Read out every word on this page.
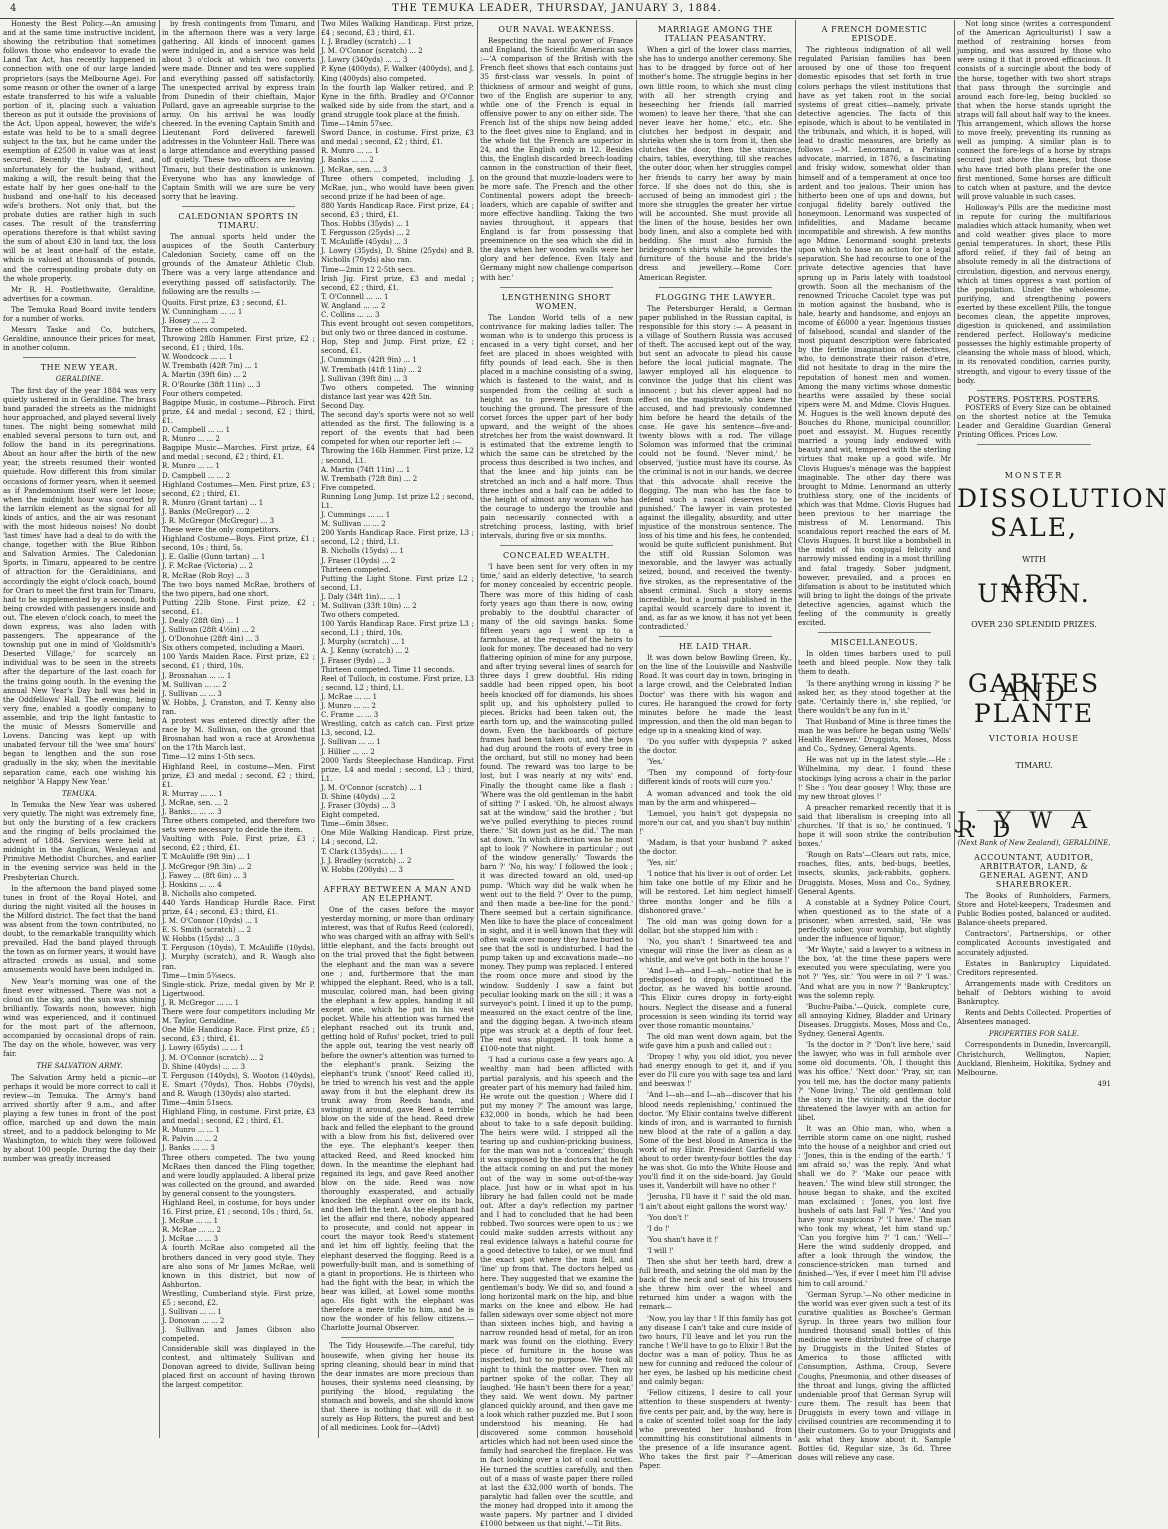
4	THE TEMUKA LEADER, THURSDAY, JANUARY 3, 1884.

Honesty the Best Policy.—An amusing and at the same time instructive incident, showing the retribution that sometimes follows those who endeavor to evade the Land Tax Act, has recently happened in connection with one of our large landed proprietors (says the Melbourne Age). For some reason or other the owner of a large estate transferred to his wife a valuable portion of it, placing such a valuation thereon as put it outside the provisions of the Act. Upon appeal, however, the wife's estate was held to be to a small degree subject to the tax, but he came under the exemption of £2500 in value was at least secured. Recently the lady died, and, unfortunately for the husband, without making a will, the result being that the estate half by her goes one-half to the husband and one-half to his deceased wife's brothers. Not only that, but the probate duties are rather high in such cases. The result of the transferring operations therefore is that whilst saving the sum of about £30 in land tax, the loss will be at least one-half of the estate, which is valued at thousands of pounds, and the corresponding probate duty on the whole property.

Mr R. H. Postlethwaite, Geraldine, advertises for a cowman.

The Temuka Road Board invite tenders for a number of works.

Messrs Taske and Co, butchers, Geraldine, announce their prices for meat, in another column.

THE NEW YEAR.
GERALDINE.

The first day of the year 1884 was very quietly ushered in in Geraldine. The brass band paraded the streets as the midnight hour approached, and played several lively tunes. The night being somewhat mild enabled several persons to turn out, and follow the band in its peregrinations. About an hour after the birth of the new year, the streets resumed their wonted quietude. How different this from similar occasions of former years, when it seemed as if Pandemonium itself were let loose; when the midnight hour was courted by the larrikin element as the signal for all kinds of antics, and the air was resonant with the most hideous noises! No doubt 'last times' have had a deal to do with the change, together with the Blue Ribbon and Salvation Armies. The Caledonian Sports, in Timaru, appeared to be centre of attraction for the Geraldinians, and accordingly the eight o'clock coach, bound for Orari to meet the first train for Timaru, had to be supplemented by a second, both being crowded with passengers inside and out. The eleven o'clock coach, to meet the down express, was also laden with passengers. The appearance of the township put one in mind of 'Goldsmith's Deserted Village,' for scarcely an individual was to be seen in the streets after the departure of the last coach for the trains going south. In the evening the annual New Year's Day ball was held in the Oddfellows' Hall. The evening, being very fine, enabled a goodly company to assemble, and trip the light fantastic to the music of Messrs Somerville and Lovens. Dancing was kept up with unabated fervour till the 'wee sma' hours' began to lengthen and the sun rose gradually in the sky, when the inevitable separation came, each one wishing his neighbor 'A Happy New Year.'

TEMUKA.

In Temuka the New Year was ushered very quietly. The night was extremely fine, but only the bursting of a few crackers and the ringing of bells proclaimed the advent of 1884. Services were held at midnight in the Anglican, Wesleyan and Primitive Methodist Churches, and earlier in the evening service was held in the Presbyterian Church.

In the afternoon the band played some tunes in front of the Royal Hotel, and during the night visited all the houses in the Milford district. The fact that the band was absent from the town contributed, no doubt, to the remarkable tranquility which prevailed. Had the band played through the town as on former years, it would have attracted crowds as usual, and some amusements would have been indulged in.

New Year's morning was one of the finest ever witnessed. There was not a cloud on the sky, and the sun was shining brilliantly. Towards noon, however, high wind was experienced, and it continued for the most part of the afternoon, accompanied by occasional drops of rain. The day on the whole, however, was very fair.

THE SALVATION ARMY.

The Salvation Army held a picnic—or perhaps it would be more correct to call it review—in Temuka. The Army's band arrived shortly after 9 a.m., and after playing a few tunes in front of the post office, marched up and down the main street, and to a paddock belonging to Mr Washington, to which they were followed by about 100 people. During the day their number was greatly increased

by fresh contingents from Timaru, and in the afternoon there was a very large gathering. All kinds of innocent games were indulged in, and a service was held about 3 o'clock at which two converts were made. Dinner and tea were supplied and everything passed off satisfactorily. The unexpected arrival by express train from Dunedin of their chieftain, Major Pollard, gave an agreeable surprise to the army. On his arrival he was loudly cheered. In the evening Captain Smith and Lieutenant Ford delivered farewell addresses in the Volunteer Hall. There was a large attendance and everything passed off quietly. These two officers are leaving Timaru, but their destination is unknown. Everyone who has any knowledge of Captain Smith will we are sure be very sorry that he leaving.

CALEDONIAN SPORTS IN TIMARU.

The annual sports held under the auspices of the South Canterbury Caledonian Society, came off on the grounds of the Amateur Athletic Club. There was a very large attendance and everything passed off satisfactorily. The following are the results :—

Quoits. First prize, £3 ; second, £1.
W. Cunningham ... ... 1
J. Hosey ... ... 2
Three others competed.
Throwing 28lb Hammer. First prize, £2 ; second, £1 ; third, 10s.
W. Woodcock ... ... 1
W. Trembath (42ft 7in) ... 1
A. Martin (39ft 6in) ... 2
R. O'Rourke (38ft 11in) ... 3
Four others competed.
Bagpipe Music, in costume—Pibroch. First prize, £4 and medal ; second, £2 ; third, £1.
D. Campbell ... ... 1
R. Munro ... ... 2
Bagpipe Music—Marches. First prize, £4 and medal ; second, £2 ; third, £1.
R. Munro ... ... 1
D. Campbell ... ... 2
Highland Costumes—Men. First prize, £3 ; second, £2 ; third, £1.
R. Munro (Grant tartan) ... 1
J. Banks (McGregor) ... 2
J. R. McGregor (McGregor) ... 3
These were the only competitors.
Highland Costume—Boys. First prize, £1 ; second, 10s ; third, 5s.
J. E. Gallie (Gunn tartan) ... 1
J. F. McRae (Victoria) ... 2
R. McRae (Rob Roy) ... 3
The two boys named McRae, brothers of the two pipers, had one short.
Putting 22lb Stone. First prize, £2 ; second, £1.
J. Dealy (28ft 6in) ... 1
J. Sullivan (28ft 4½in) ... 2
J. O'Donohue (28ft 4in) ... 3
Six others competed, including a Maori.
100 Yards Maiden Race. First prize, £2 ; second, £1 ; third, 10s.
J. Brosnahan ... ... 1
M. Sullivan ... ... 2
J. Sullivan ... ... 3
W. Hobbs, J. Cranston, and T. Kenny also ran.
A protest was entered directly after the race by M. Sullivan, on the ground that Brosnahan had won a race at Arowhenua on the 17th March last.
Time—12 mins 1-5th secs.
Highland Reel, in costume—Men. First prize, £3 and medal ; second, £2 ; third, £1.
R. Murray ... ... 1
J. McRae, sen. ... 2
J. Banks... ... ... 3
Three others competed, and therefore two sets were necessary to decide the item.
Vaulting with Pole. First prize, £3 ; second, £2 ; third, £1.
T. McAuliffe (9ft 9in) ... 1
J. McGregor (9ft 3in) ... 2
J. Fawey ... (8ft 6in) ... 3
J. Hoskins ... ... 4
B. Nicholls also competed.
440 Yards Handicap Hurdle Race. First prize, £4 ; second, £3 ; third, £1.
J. M. O'Connor (10yds) ... 1
E. S. Smith (scratch) ... 2
W. Hobbs (15yds) ... 3
T. Ferguson (10yds), T. McAuliffe (10yds), J. Murphy (scratch), and R. Waugh also ran.
Time—1min 5¾secs.
Single-stick. Prize, medal given by Mr P. Ligertwood.
J. R. McGregor ... ... 1
There were four competitors including Mr M. Taylor, Geraldine.
One Mile Handicap Race. First prize, £5 ; second, £3 ; third, £1.
J. Lowry (65yds) ... ... 1
J. M. O'Connor (scratch) ... 2
D. Shine (40yds) ... ... 3
T. Ferguson (140yds), S. Wooton (140yds), E. Smart (70yds), Thos. Hobbs (70yds), and R. Waugh (130yds) also started.
Time—4min 51secs.
Highland Fling, in costume. First prize, £3 and medal ; second, £2 ; third, £1.
R. Munro ... ... 1
R. Palvin ... ... 2
J. Banks ... ... 3
Three others competed. The two young McRaes then danced the Fling together, and were loudly applauded. A liberal prize was collected on the ground, and awarded by general consent to the youngsters.
Highland Reel, in costume, for boys under 16. First prize, £1 ; second, 10s ; third, 5s.
J. McRae ... ... 1
R. McRae ... ... 2
J. McRae ... ... 3
A fourth McRae also competed all the brothers danced in very good style. They are also sons of Mr James McRae, well known in this district, but now of Ashburton.
Wrestling, Cumberland style. First prize, £5 ; second, £2.
J. Sullivan ... ... 1
J. Donovan ... ... 2
J. Sullivan and James Gibson also competed.
Considerable skill was displayed in the contest, and ultimately Sullivan and Donovan agreed to divide, Sullivan being placed first on account of having thrown the largest competitor.
Two Miles Walking Handicap. First prize, £4 ; second, £3 ; third, £1.
I. J. Bradley (scratch) ... 1
J. M. O'Connor (scratch) ... 2
J. Lowry (340yds) ... ... 3
P. Kyne (400yds), F. Walker (400yds), and J. King (400yds) also competed.
In the fourth lap Walker retired, and P. Kyne in the fifth. Bradley and O'Connor walked side by side from the start, and a grand struggle took place at the finish.
Time—14min 57sec.
Sword Dance, in costume. First prize, £3 and medal ; second, £2 ; third, £1.
R. Munro ... ... 1
J. Banks ... ... 2
J. McRae, sen. ... 3
Three others competed, including J. McRae, jun., who would have been given second prize if he had been of age.
880 Yards Handicap Race. First prize, £4 ; second, £3 ; third, £1.
Thos. Hobbs (35yds) ... 1
T. Fergusson (25yds) ... 2
T. McAuliffe (45yds) ... 3
J. Lowry (35yds), D. Shine (25yds) and B. Nicholls (70yds) also ran.
Time—2min 12 2-5th secs.
Irish Jig. First prize, £3 and medal ; second, £2 ; third, £1.
T. O'Connell ... ... 1
W. Angland ... ... 2
C. Collins ... ... 3
This event brought out seven competitors, but only two or three danced in costume.
Hop, Step and Jump. First prize, £2 ; second, £1.
J. Cummings (42ft 9in) ... 1
W. Trembath (41ft 11in) ... 2
J. Sullivan (39ft 8in) ... 3
Two others competed. The winning distance last year was 42ft 5in.
Second Day.
The second day's sports were not so well attended as the first. The following is a report of the events that had been competed for when our reporter left :—
Throwing the 16lb Hammer. First prize, L2 ; second, L1.
A. Martin (74ft 11in) ... 1
W. Trembath (72ft 8in) ... 2
Five competed.
Running Long Jump. 1st prize L2 ; second, L1.
J. Cummings ... ... 1
M. Sullivan ... ... 2
200 Yards Handicap Race. First prize, L3 ; second, L2 ; third, L1.
B. Nicholls (15yds) ... 1
J. Fraser (10yds) ... 2
Thirteen competed.
Putting the Light Stone. First prize L2 ; second, L1.
J. Daly (34ft 1in)... ... 1
M. Sullivan (33ft 10in) ... 2
Two others competed.
100 Yards Handicap Race. First prize L3 ; second, L1 ; third, 10s.
J. Murphy (scratch) ... 1
A. J. Kenny (scratch) ... 2
J. Fraser (9yds) ... 3
Thirteen competed. Time 11 seconds.
Reel of Tulloch, in costume. First prize, L3 ; second, L2 ; third, L1.
J. McRae ... ... 1
J. Munro ... ... 2
C. Frame ... ... 3
Wrestling, catch as catch can. First prize L3, second, L2.
J. Sullivan ... ... 1
J. Hillier ... ... 2
2000 Yards Steeplechase Handicap. First prize, L4 and medal ; second, L3 ; third, L1.
J. M. O'Connor (scratch) ... 1
D. Shine (40yds) ... 2
J. Fraser (30yds) ... 3
Eight competed.
Time—6min 38sec.
One Mile Walking Handicap. First prize, L4 ; second, L2.
T. Clark (135yds)... ... 1
J. J. Bradley (scratch) ... 2
W. Hobbs (200yds) ... 3
AFFRAY BETWEEN A MAN AND AN ELEPHANT.

One of the cases before the mayor yesterday morning, or more than ordinary interest, was that of Rufus Reed (colored), who was charged with an affray with Sell's little elephant, and the facts brought out on the trial proved that the fight between the elephant and the man was a severe one ; and, furthermore that the man whipped the elephant. Reed, who is a tall, muscular, colored man, had been giving the elephant a few apples, handing it all except one, which he put in his vest pocket. While his attention was turned the elephant reached out its trunk and, getting hold of Rufus' pocket, tried to pull the apple out, tearing the vest nearly off before the owner's attention was turned to the elephant's prank. Seizing the elephant's trunk ('snoot' Reed called it), he tried to wrench his vest and the apple away from it but the elephant drew its trunk away from Reeds hands, and swinging it around, gave Reed a terrible blow on the side of the head. Reed drew back and felled the elephant to the ground with a blow from his fist, delivered over the eye. The elephant's keeper then attacked Reed, and Reed knocked him down. In the meantime the elephant had regained its legs, and gave Reed another blow on the side. Reed was now thoroughly exasperated, and actually knocked the elephant over on its back, and then left the tent. As the elephant had let the affair end there, nobody appeared to prosecute, and could not appear in court the mayor took Reed's statement and let him off lightly, feeling that the elephant deserved the flogging. Reed is a powerfully-built man, and is something of a giant in proportions. He is thirteen who had the fight with the bear, in which the bear was killed, at Lowel some months ago. His fight with the elephant was therefore a mere trifle to him, and he is now the wonder of his fellow citizens.—Charlotte Journal Observer.

The Tidy Housewife.—The careful, tidy housewife, when giving her house its spring cleaning, should bear in mind that the dear inmates are more precious than houses, their systems need cleansing, by purifying the blood, regulating the stomach and bowels, and she should know that there is nothing that will do it so surely as Hop Bitters, the purest and best of all medicines. Look for—(Advt)

OUR NAVAL WEAKNESS.

Respecting the naval power of France and England, the Scientific American says :—'A comparison of the British with the French fleet shows that each contains just 35 first-class war vessels. In point of thickness of armour and weight of guns, two of the English are superior to any, while one of the French is equal in offensive power to any on either side. The French list of the ships now being added to the fleet gives nine to England, and in the whole list the French are superior in 24, and the English only in 12. Besides this, the English discarded breech-loading cannon in the construction of their fleet, on the ground that muzzle-loaders were to be more safe. The French and the other Continental powers adopt the breech-loaders, which are capable of swifter and more effective handling. Taking the two navies throughout, it appears that England is far from possessing that preeminence on the sea which she did in the days when her wooden walls were her glory and her defence. Even Italy and Germany might now challenge comparison with her.'

LENGTHENING SHORT WOMEN.

The London World tells of a new contrivance for making ladies taller. The woman who is to undergo this process is encased in a very tight corset, and her feet are placed in shoes weighted with fifty pounds of lead each. She is then placed in a machine consisting of a swing, which is fastened to the waist, and is suspended from the ceiling at such a height as to prevent her feet from touching the ground. The pressure of the corset forces the upper part of her body upward, and the weight of the shoes stretches her from the waist downward. It is estimated that the extreme length to which the same can be stretched by the process thus described is two inches, and that the knee and hip joints can be stretched an inch and a half more. Thus three inches and a half can be added to the height of almost any woman who has the courage to undergo the trouble and pain necessarily connected with a stretching process, lasting, with brief intervals, during five or six months.

CONCEALED WEALTH.

'I have been sent for very often in my time,' said an elderly detective, 'to search for money concealed by eccentric people. There was more of this hiding of cash forty years ago than there is now, owing probably to the doubtful character of many of the old savings banks. Some fifteen years ago I went up to a farmhouse, at the request of the heirs to look for money. The deceased had no very flattering opinion of mine for any purpose, and after trying several lines of search for three days I grew doubtful. His riding saddle had been ripped open, his boot heels knocked off for diamonds, his shoes split up, and his upholstery pulled to pieces. Bricks had been taken out, the earth torn up, and the wainscoting pulled down. Even the backboards of picture frames had been taken out, and the boys had dug around the roots of every tree in the orchard, but still no money had been found. The reward was too large to be lost, but I was nearly at my wits' end. Finally the thought came like a flash : 'Where was the old gentleman in the habit of sitting ?' I asked. 'Oh, he almost always sat at the window,' said the brother ; 'but we've pulled everything to pieces round there.' 'Sit down just as he did.' The man sat down. 'In which direction was he most apt to look ?' Nowhere in particular ; out of the window generally.' 'Towards the barn ?' 'No, his way.' I followed the look ; it was directed toward an old, used-up pump. 'Which way did he walk when he went out to the field ?' Over to the pump, and then made a bee-line for the pond.' There seemed but a certain significance. Men like to have the place of concealment in sight, and it is well known that they will often walk over money they have buried to see that the soil is undisturbed. I had the pump taken up and excavations made—no money. They pump was replaced. I entered the room once more and stood by the window. Suddenly I saw a faint but peculiar looking mark on the sill ; it was a surveyor's point. I lined it up to the pump, measured on the exact centre of the line, and the digging began. A two-inch steam pipe was struck at a depth of four feet. The end was plugged. It took home a £100-note that night.

'I had a curious case a few years ago. A wealthy man had been afflicted with partial paralysis, and his speech and the greater part of his memory had failed him. He wrote out the question ; Where did I put my money ?' The amount was large, £32,000 in bonds, which he had been about to take to a safe deposit building. The heirs were wild. I stripped all the tearing up and cushion-pricking business, for the man was not a 'concealer,' though it was supposed by the doctors that he felt the attack coming on and put the money out of the way in some out-of-the-way place. Just how or in what spot in his library he had fallen could not be made out. After a day's reflection my partner and I had to concluded that he had been robbed. Two sources were open to us ; we could make sudden arrests without any real evidence (always a hateful course for a good detective to take), or we must find the exact spot where the man fell, and 'line' up from that. The doctors helped us here. They suggested that we examine the gentleman's body. We did so, and found a long horizontal mark on the hip, and blue marks on the knee and elbow. He had fallen sideways over some object not more than sixteen inches high, and having a narrow rounded head of metal, for an iron mark was found on the clothing. Every piece of furniture in the house was inspected, but to no purpose. We took all night to think the matter over. Then my partner spoke of the collar. They all laughed. 'He hasn't been there for a year,' they said. We went down. My partner glanced quickly around, and then gave me a look which rather puzzled me. But I soon understood his meaning. He had discovered some common household articles which had not been used since the family had searched the fireplace. He was in fact looking over a lot of coal scuttles. He turned the scuttles carefully, and then out of a mass of waste paper there rolled at last the £32,000 worth of bonds. The paralytic had fallen over the scuttle, and the money had dropped into it among the waste papers. My partner and I divided £1000 between us that night.'—Tit Bits.

MARRIAGE AMONG THE ITALIAN PEASANTRY.

When a girl of the lower class marries, she has to undergo another ceremony. She has to be dragged by force out of her mother's home. The struggle begins in her own little room, to which she must cling with all her strength crying and beseeching her friends (all married women) to leave her there, 'that she can never leave her home,' etc., etc. She clutches her bedpost in despair, and shrieks when she is torn from it, then she clutches the door, then the staircase, chairs, tables, everything, till she reaches the outer door, when her struggles compel her friends to carry her away by main force. If she does not do this, she is accused of being an immodest girl ; the more she struggles the greater her virtue will be accounted. She must provide all the linen of the house, besides her own body linen, and also a complete bed with bedding. She must also furnish the bridegroom's shirts while he provides the furniture of the house and the bride's dress and jewellery.—Rome Corr. American Register.

FLOGGING THE LAWYER.

The Petersburger Herald, a German paper published in the Russian capital, is responsible for this story :— A peasant in a village of Southern Russia was accused of theft. The accused kept out of the way, but sent an advocate to plead his cause before the local judicial magnate. The lawyer employed all his eloquence to convince the judge that his client was innocent ; but his clever appeal had no effect on the magistrate, who knew the accused, and had previously condemned him before he heard the details of the case. He gave his sentence—five-and-twenty blows with a rod. The village Solomon was informed that the criminal could not be found. 'Never mind,' he observed, 'justice must have its course. As the criminal is not in our hands, we decree that this advocate shall receive the flogging. The man who has the face to defend such a rascal deserves to be punished.' The lawyer in vain protested against the illegality, absurdity, and utter injustice of the monstrous sentence. The loss of his time and his fees, he contended, would be quite sufficient punishment. But the stiff old Russian Solomon was inexorable, and the lawyer was actually seized, bound, and received the twenty-five strokes, as the representative of the absent criminal. Such a story seems incredible, but a journal published in the capital would scarcely dare to invent it, and, as far as we know, it has not yet been contradicted.'

HE LAID THAR.

It was down below Bowling Green, Ky., on the line of the Louisville and Nashville Road. It was court day in town, bringing in a large crowd, and the Celebrated Indian Doctor' was there with his wagon and cures. He harangued the crowd for forty minutes before he made the least impression, and then the old man began to edge up in a sneaking kind of way.

'Do you suffer with dyspepsia ?' asked the doctor.

'Yes.'

'Then my compound of forty-four different kinds of roots will cure you.'

A woman advanced and took the old man by the arm and whispered—

'Lemuel, you hain't got dyspepsia no more'n our cat, and you shan't buy nuthin' !'

'Madam, is that your husband ?' asked the doctor.

'Yes, sir.'

'I notice that his liver is out of order. Let him take one bottle of my Elixir and he will be restored. Let him neglect himself three months longer and he fills a dishonored grave.'

The old man was going down for a dollar, but she stopped him with :

'No, you shan't ! Smartweed tea and vinegar will rinse the liver as clean as a whistle, and we've got both in the house !'

'And I—ah—and I—ah—notice that he is predisposed to dropsy,' continued the doctor, as he waved his bottle around. 'This Elixir cures dropsy in forty-eight hours. Neglect the disease and a funeral procession is seen winding its torrid way over those romantic mountains.'

The old man went down again, but the wife gave him a push and called out :

'Dropsy ! why, you old idiot, you never had energy enough to get it, and if you ever do I'll cure you with sage tea and lard and beeswax !'

'And I—ah—and I—ah—discover that his blood needs replenishing,' continued the doctor. 'My Elixir contains twelve different kinds of iron, and is warranted to furnish new blood at the rate of a gallon a day. Some of the best blood in America is the work of my Elixir. President Garfield was about to order twenty-four bottles the day he was shot. Go into the White House and you'll find it on the side-board. Jay Gould uses it, Vanderbilt will have no other !'

'Jerusha, I'll have it !' said the old man. 'I ain't about eight gallons the worst way.'

'You don't !'

'I do !'

'You shan't have it !'

'I will !'

Then she shut her teeth hard, drew a full breath, and seizing the old man by the back of the neck and seat of his trousers she threw him over the wheel and returned him under a wagon with the remark—

'Now, you lay thar ! If this family has got any disease I can't take and cure inside of two hours, I'll leave and let you run the ranche ! We'll have to go to Elixir ! But the doctor was a man of policy. Thus he as new for cunning and reduced the colour of her eyes, he lashed up his medicine chest and calmly began:

'Fellow citizens, I desire to call your attention to these suspenders at twenty-five cents per pair, and, by the way, here is a cake of scented toilet soap for the lady who prevented her husband from committing his constitutional ailments in the presence of a life insurance agent. Who takes the first pair ?'—American Paper.

A FRENCH DOMESTIC EPISODE.

The righteous indignation of all well regulated Parisian families has been aroused by one of those too frequent domestic episodes that set forth in true colors perhaps the vilest institutions that have as yet taken root in the social systems of great cities—namely, private detective agencies. The facts of this episode, which is about to be ventilated in the tribunals, and which, it is hoped, will lead to drastic measures, are briefly as follows :—M. Lenormand, a Parisian advocate, married, in 1876, a fascinating and frisky widow, somewhat older than himself and of a temperament at once too ardent and too jealous. Their union has hitherto been one of ups and downs, but conjugal fidelity barely outlived the honeymoon. Lenormand was suspected of infidelities, and Madame became incompatible and shrewish. A few months ago Mdme. Lenormand sought pretexts upon which to base an action for a legal separation. She had recourse to one of the private detective agencies that have sprung up in Paris lately with toadstool growth. Soon all the mechanism of the renowned Tricoche Cacolet type was put in motion against the husband, who is hale, hearty and handsome, and enjoys an income of £6000 a year. Ingenious tissues of falsehood, scandal and slander of the most piquant description were fabricated by the fertile imagination of detectives, who, to demonstrate their raison d'etre, did not hesitate to drag in the mire the reputation of honest men and women. Among the many victims whose domestic hearths were assailed by these social vipers were M. and Mdme. Clovis Hugues. M. Hugues is the well known deputé des Bouches du Rhone, municipal councillor, poet and essayist. M. Hugues recently married a young lady endowed with beauty and wit, tempered with the sterling virtues that make up a good wife. Mr Clovis Hugues's ménage was the happiest imaginable. The other day there was brought to Mdme. Lenormand an utterly truthless story, one of the incidents of which was that Mdme. Clovis Hugues had been previous to her marriage the mistress of M. Lenormand. This scandalous report reached the ears of M. Clovis Hugues. It burst like a bombshell in the midst of his conjugal felicity and narrowly missed ending in a most thrilling and fatal tragedy. Sober judgment, however, prevailed, and a proces en difamation is about to be instituted which will bring to light the doings of the private detective agencies, against which the feeling of the community is greatly excited.

MISCELLANEOUS.

In olden times barbers used to pull teeth and bleed people. Now they talk them to death.

'Is there anything wrong in kissing ?' he asked her, as they stood together at the gate. 'Certainly there is,' she replied, 'or there wouldn't be any fun in it.'

That Husband of Mine is three times the man he was before he began using 'Wells' Health Renewer.' Druggists, Moses, Moss and Co., Sydney, General Agents.

He was not up in the latest style.—He : Wilhelmina, my dear, I found these stockings lying across a chair in the parlor !' She : 'You dear goosey ! Why, those are my new throat gloves !'

A preacher remarked recently that it is said that liberalism is creeping into all churches. 'If that is so,' he continued, 'I hope it will soon strike the contribution boxes.'

'Rough on Rats'—Clears out rats, mice, roaches, flies, ants, bed-bugs, beetles, insects, skunks, jack-rabbits, gophers. Druggists. Moses, Moss and Co., Sydney, General Agents.

A constable at a Sydney Police Court, when questioned as to the state of a prisoner, when arrested, said, 'He was perfectly sober, your worship, but slightly under the influence of liquor.'

'Mr Wayte,' said a lawyer to a witness in the box, 'at the time these papers were executed you were speculating, were you not ?' 'Yes, sir.' 'You were in oil ?' 'I was.' 'And what are you in now ?' 'Bankruptcy,' was the solemn reply.

'Buchu-Paiba.'—Quick, complete cure, all annoying Kidney, Bladder and Urinary Diseases. Druggists. Moses, Moss and Co., Sydney, General Agents.

'Is the doctor in ?' 'Don't live here,' said the lawyer, who was in full armhole over some old documents. 'Oh, I thought this was his office.' 'Next door.' 'Pray, sir, can you tell me, has the doctor many patients ?' 'None living.' The old gentleman told the story in the vicinity, and the doctor threatened the lawyer with an action for libel.

It was an Ohio man, who, when a terrible storm came on one night, rushed into the house of a neighbor and cried out : 'Jones, this is the ending of the earth.' 'I am afraid so,' was the reply. 'And what shall we do ?' 'Make our peace with heaven.' The wind blew still stronger, the house began to shake, and the excited man exclaimed : 'Jones, you lost five bushels of oats last Fall ?' 'Yes.' 'And you have your suspicions ?' 'I have.' The man who took my wheat, let him stand up.' 'Can you forgive him ?' 'I can.' 'Well—' Here the wind suddenly dropped, and after a look through the window, the conscience-stricken man turned and finished—'Yes, if ever I meet him I'll advise him to call around.'

'German Syrup.'—No other medicine in the world was ever given such a test of its curative qualities as Boschee's German Syrup. In three years two million four hundred thousand small bottles of this medicine were distributed free of charge by Druggists in the United States of America to those afflicted with Consumption, Asthma, Croup, Severe Coughs, Pneumonia, and other diseases of the throat and lungs, giving the afflicted undeniable proof that German Syrup will cure them. The result has been that Druggists in every town and village in civilised countries are recommending it to their customers. Go to your Druggists and ask what they know about it. Sample Bottles 6d. Regular size, 3s 6d. Three doses will relieve any case.

Not long since (writes a correspondent of the American Agriculturist) I saw a method of restraining horses from jumping, and was assured by those who were using it that it proved efficacious. It consists of a surcingle about the body of the horse, together with two short straps that pass through the surcingle and around each fore-leg, being buckled so that when the horse stands upright the straps will fall about half way to the knees. This arrangement, which allows the horse to move freely, preventing its running as well as jumping. A similar plan is to connect the fore-legs of a horse by straps secured just above the knees, but those who have tried both plans prefer the one first mentioned. Some horses are difficult to catch when at pasture, and the device will prove valuable in such cases.

Holloway's Pills are the medicine most in repute for curing the multifarious maladies which attack humanity, when wet and cold weather gives place to more genial temperatures. In short, these Pills afford relief, if they fail of being an absolute remedy in all the distractions of circulation, digestion, and nervous energy, which at times oppress a vast portion of the population. Under the wholesome, purifying, and strengthening powers exerted by these excellent Pills, the tongue becomes clean, the appetite improves, digestion is quickened, and assimilation rendered perfect. Holloway's medicine possesses the highly estimable property of cleansing the whole mass of blood, which, in its renovated condition, carries purity, strength, and vigour to every tissue of the body.

POSTERS. POSTERS. POSTERS.

POSTERS of Every Size can be obtained on the shortest notice at the Temuka Leader and Geraldine Guardian General Printing Offices. Prices Low.

MONSTER
DISSOLUTION
SALE,
WITH
ART UNION.
OVER 230 SPLENDID PRIZES.
GABITES AND
PLANTE
VICTORIA HOUSE
TIMARU.
J. Y W A R D
(Next Bank of New Zealand), GERALDINE,
ACCOUNTANT, AUDITOR, ARBITRATOR, LAND, & GENERAL AGENT, AND SHAREBROKER.

The Books of Runholders, Farmers, Store and Hotel-keepers, Tradesmen and Public Bodies posted, balanced or audited. Balance-sheets prepared.

Contractors', Partnerships, or other complicated Accounts investigated and accurately adjusted.

Estates in Bankruptcy Liquidated. Creditors represented.

Arrangements made with Creditors on behalf of Debtors wishing to avoid Bankruptcy.

Rents and Debts Collected. Properties of Absentees managed.

PROPERTIES FOR SALE.

Correspondents in Dunedin, Invercargill, Christchurch, Wellington, Napier, Auckland, Blenheim, Hokitika, Sydney and Melbourne.

491
